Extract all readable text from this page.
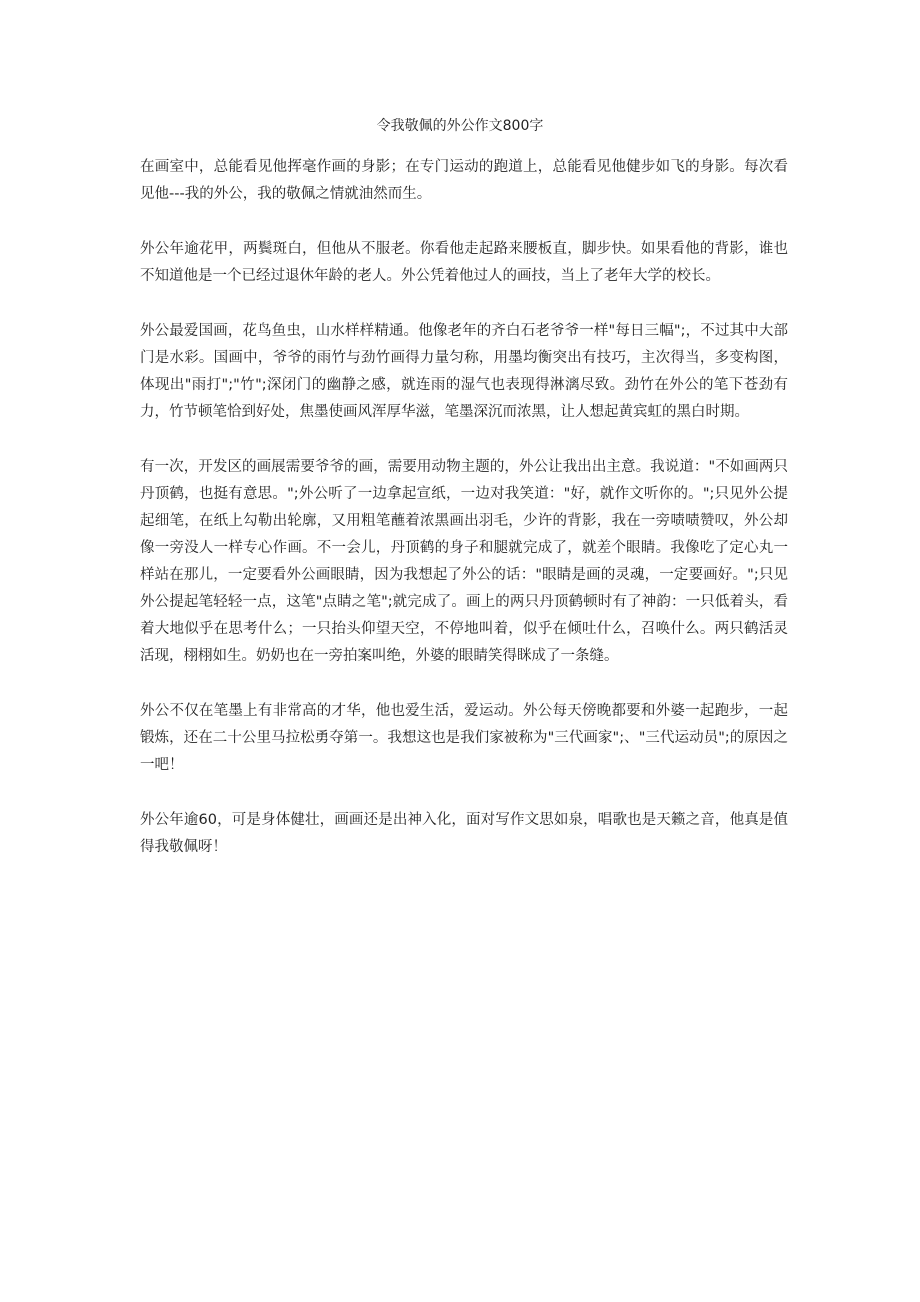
令我敬佩的外公作文800字

在画室中，总能看见他挥毫作画的身影；在专门运动的跑道上，总能看见他健步如飞的身影。每次看见他---我的外公，我的敬佩之情就油然而生。

外公年逾花甲，两鬓斑白，但他从不服老。你看他走起路来腰板直，脚步快。如果看他的背影，谁也不知道他是一个已经过退休年龄的老人。外公凭着他过人的画技，当上了老年大学的校长。

外公最爱国画，花鸟鱼虫，山水样样精通。他像老年的齐白石老爷爷一样"每日三幅";，不过其中大部门是水彩。国画中，爷爷的雨竹与劲竹画得力量匀称，用墨均衡突出有技巧，主次得当，多变构图，体现出"雨打";"竹";深闭门的幽静之感，就连雨的湿气也表现得淋漓尽致。劲竹在外公的笔下苍劲有力，竹节顿笔恰到好处，焦墨使画风浑厚华滋，笔墨深沉而浓黑，让人想起黄宾虹的黑白时期。

有一次，开发区的画展需要爷爷的画，需要用动物主题的，外公让我出出主意。我说道："不如画两只丹顶鹤，也挺有意思。";外公听了一边拿起宣纸，一边对我笑道："好，就作文听你的。";只见外公提起细笔，在纸上勾勒出轮廓，又用粗笔蘸着浓黑画出羽毛，少许的背影，我在一旁啧啧赞叹，外公却像一旁没人一样专心作画。不一会儿，丹顶鹤的身子和腿就完成了，就差个眼睛。我像吃了定心丸一样站在那儿，一定要看外公画眼睛，因为我想起了外公的话："眼睛是画的灵魂，一定要画好。";只见外公提起笔轻轻一点，这笔"点睛之笔";就完成了。画上的两只丹顶鹤顿时有了神韵：一只低着头，看着大地似乎在思考什么；一只抬头仰望天空，不停地叫着，似乎在倾吐什么，召唤什么。两只鹤活灵活现，栩栩如生。奶奶也在一旁拍案叫绝，外婆的眼睛笑得眯成了一条缝。

外公不仅在笔墨上有非常高的才华，他也爱生活，爱运动。外公每天傍晚都要和外婆一起跑步，一起锻炼，还在二十公里马拉松勇夺第一。我想这也是我们家被称为"三代画家";、"三代运动员";的原因之一吧！

外公年逾60，可是身体健壮，画画还是出神入化，面对写作文思如泉，唱歌也是天籁之音，他真是值得我敬佩呀！
